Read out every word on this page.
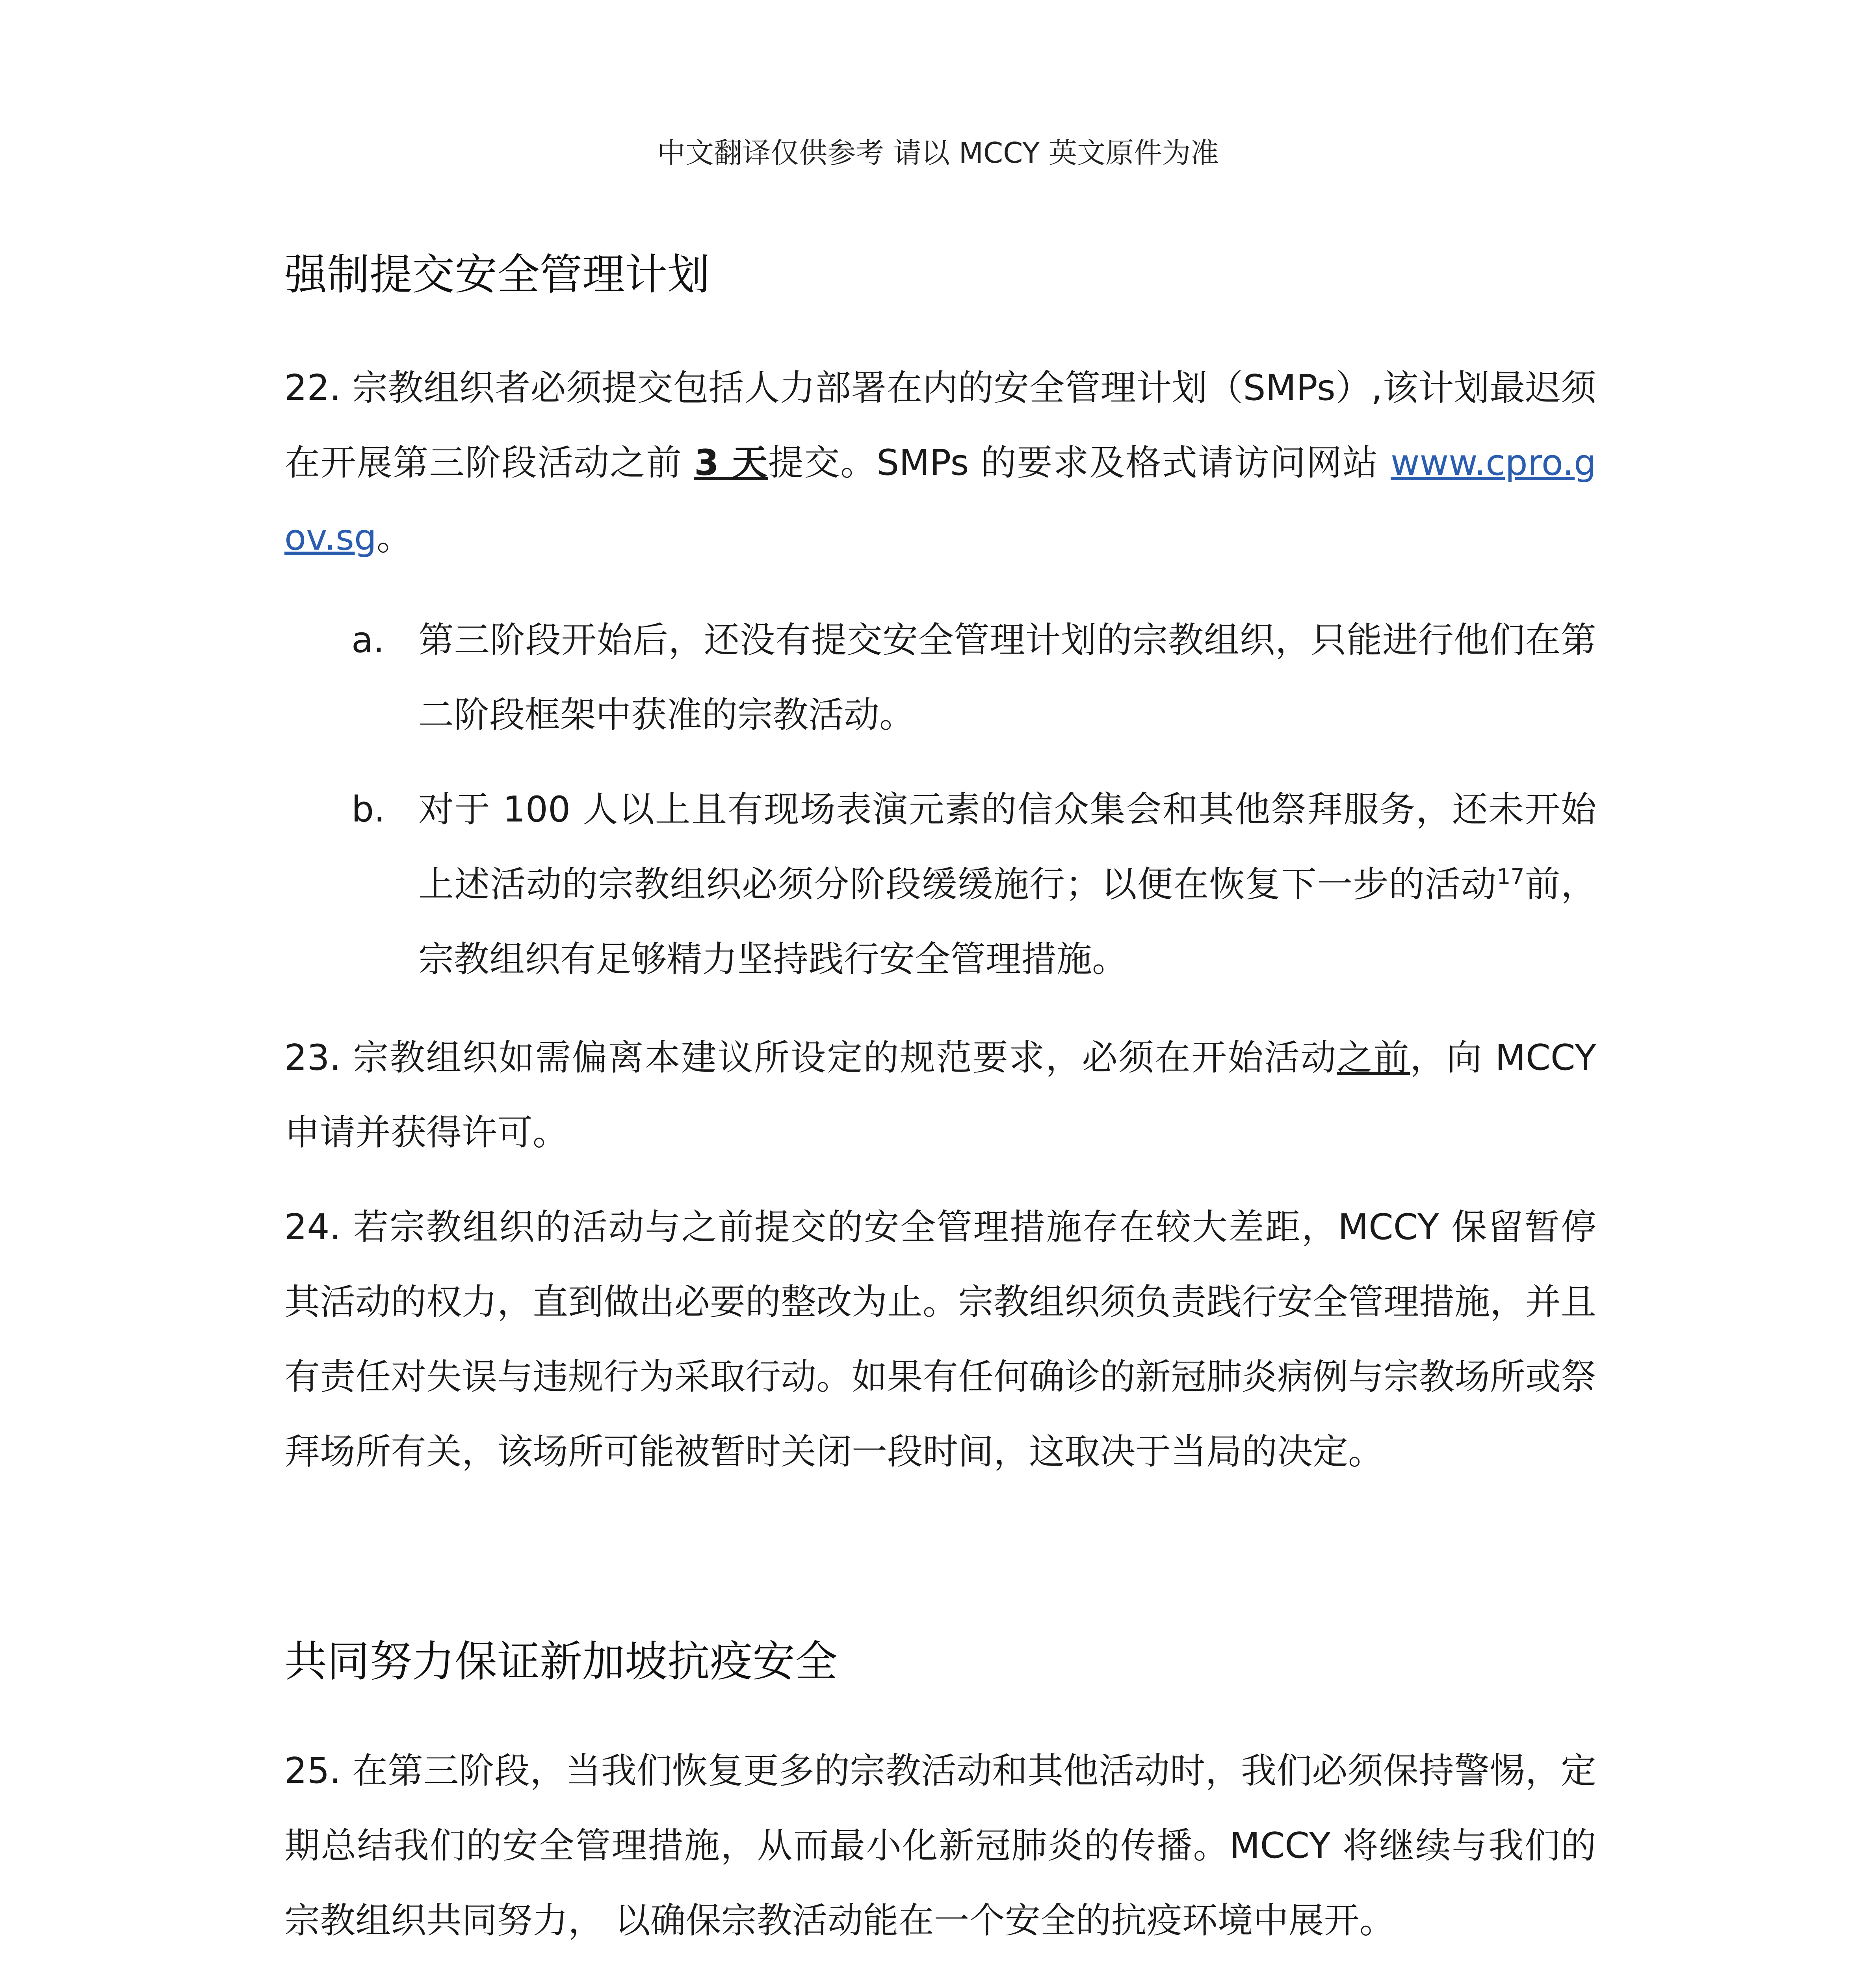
中文翻译仅供参考 请以 MCCY 英文原件为准
强制提交安全管理计划
22. 宗教组织者必须提交包括人力部署在内的安全管理计划（SMPs）,该计划最迟须在开展第三阶段活动之前 3 天提交。SMPs 的要求及格式请访问网站 www.cpro.gov.sg。
a. 第三阶段开始后，还没有提交安全管理计划的宗教组织，只能进行他们在第二阶段框架中获准的宗教活动。
b. 对于 100 人以上且有现场表演元素的信众集会和其他祭拜服务，还未开始上述活动的宗教组织必须分阶段缓缓施行；以便在恢复下一步的活动$^{17}$前，宗教组织有足够精力坚持践行安全管理措施。
23. 宗教组织如需偏离本建议所设定的规范要求，必须在开始活动之前，向 MCCY 申请并获得许可。
24. 若宗教组织的活动与之前提交的安全管理措施存在较大差距，MCCY 保留暂停其活动的权力，直到做出必要的整改为止。宗教组织须负责践行安全管理措施，并且有责任对失误与违规行为采取行动。如果有任何确诊的新冠肺炎病例与宗教场所或祭拜场所有关，该场所可能被暂时关闭一段时间，这取决于当局的决定。
共同努力保证新加坡抗疫安全
25. 在第三阶段，当我们恢复更多的宗教活动和其他活动时，我们必须保持警惕，定期总结我们的安全管理措施，从而最小化新冠肺炎的传播。MCCY 将继续与我们的宗教组织共同努力， 以确保宗教活动能在一个安全的抗疫环境中展开。
